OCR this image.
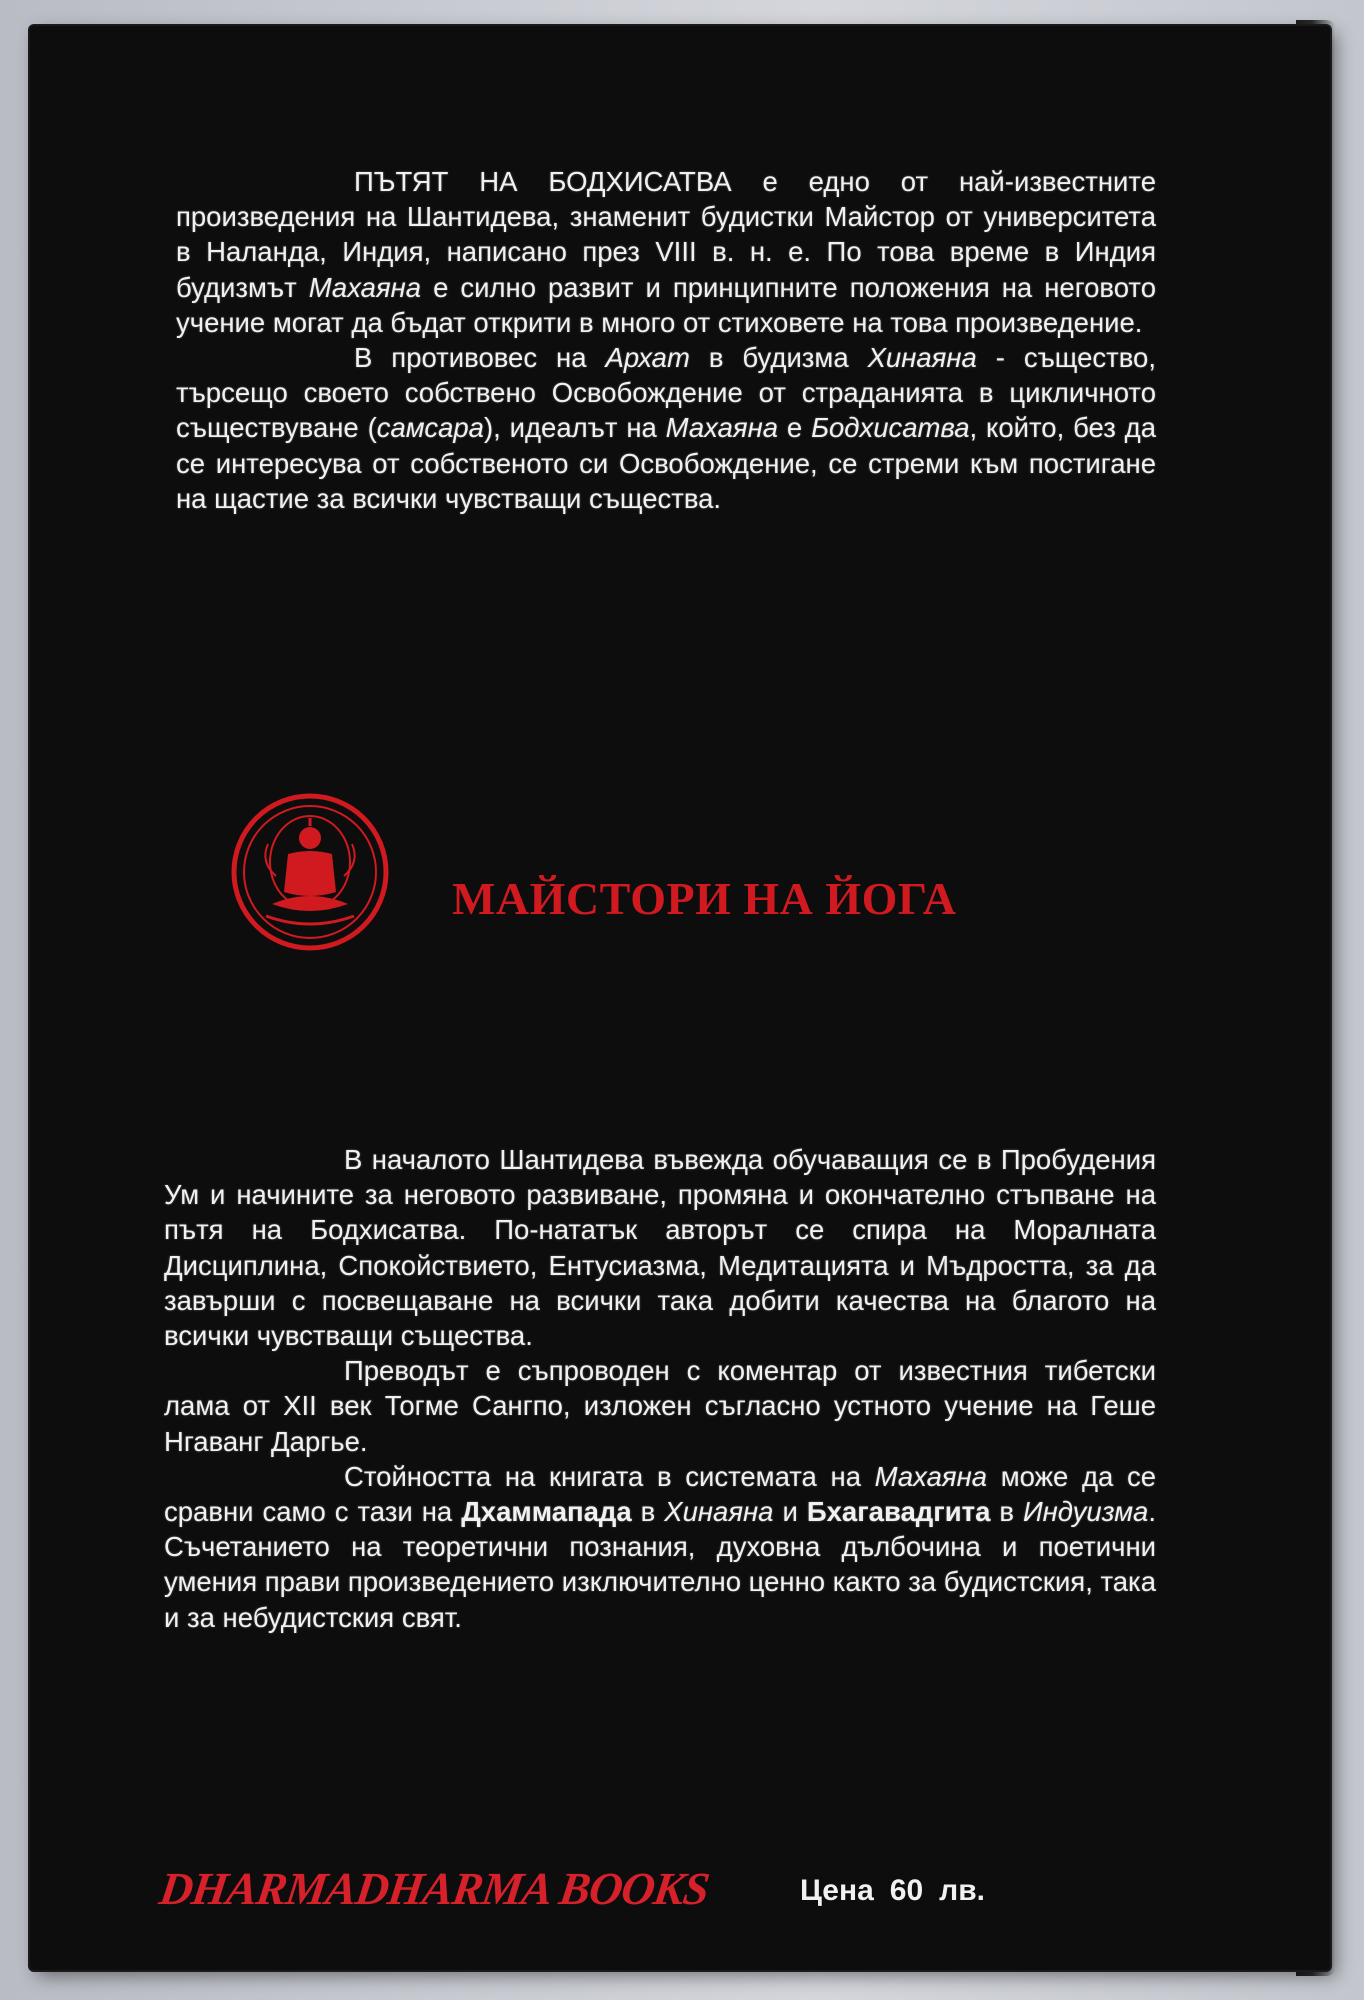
ПЪТЯТ НА БОДХИСАТВА е едно от най-известните произведения на Шантидева, знаменит будистки Майстор от университета в Наланда, Индия, написано през VIII в. н. е. По това време в Индия будизмът Махаяна е силно развит и принципните положения на неговото учение могат да бъдат открити в много от стиховете на това произведение.

В противовес на Архат в будизма Хинаяна - същество, търсещо своето собствено Освобождение от страданията в цикличното съществуване (самсара), идеалът на Махаяна е Бодхисатва, който, без да се интересува от собственото си Освобождение, се стреми към постигане на щастие за всички чувстващи същества.

МАЙСТОРИ НА ЙОГА

В началото Шантидева въвежда обучаващия се в Пробудения Ум и начините за неговото развиване, промяна и окончателно стъпване на пътя на Бодхисатва. По-нататък авторът се спира на Моралната Дисциплина, Спокойствието, Ентусиазма, Медитацията и Мъдростта, за да завърши с посвещаване на всички така добити качества на благото на всички чувстващи същества.

Преводът е съпроводен с коментар от известния тибетски лама от XII век Тогме Сангпо, изложен съгласно устното учение на Геше Нгаванг Даргье.

Стойността на книгата в системата на Махаяна може да се сравни само с тази на Дхаммапада в Хинаяна и Бхагавадгита в Индуизма. Съчетанието на теоретични познания, духовна дълбочина и поетични умения прави произведението изключително ценно както за будистския, така и за небудистския свят.

DHARMADHARMA BOOKS	Цена 60 лв.
